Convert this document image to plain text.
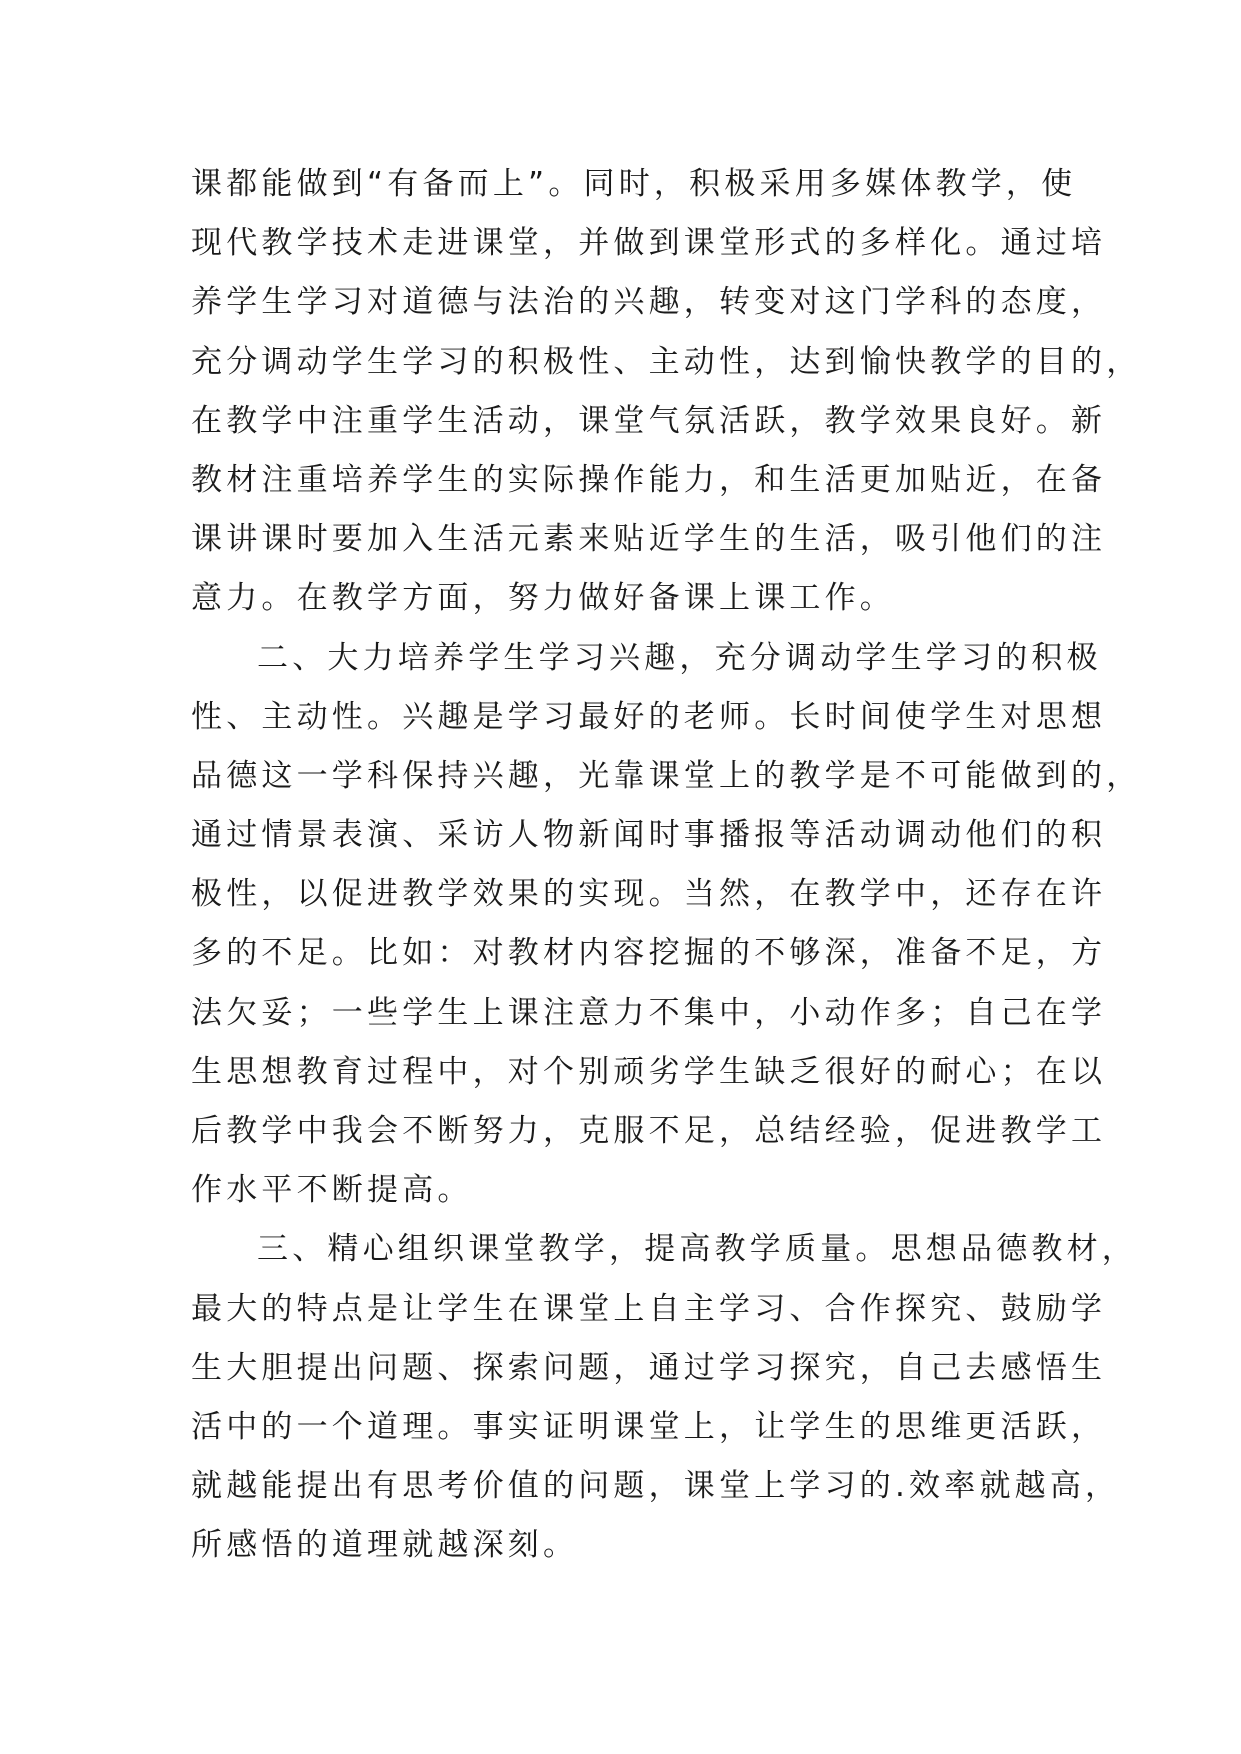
课都能做到“有备而上”。同时，积极采用多媒体教学，使
现代教学技术走进课堂，并做到课堂形式的多样化。通过培
养学生学习对道德与法治的兴趣，转变对这门学科的态度，
充分调动学生学习的积极性、主动性，达到愉快教学的目的，
在教学中注重学生活动，课堂气氛活跃，教学效果良好。新
教材注重培养学生的实际操作能力，和生活更加贴近，在备
课讲课时要加入生活元素来贴近学生的生活，吸引他们的注
意力。在教学方面，努力做好备课上课工作。
二、大力培养学生学习兴趣，充分调动学生学习的积极
性、主动性。兴趣是学习最好的老师。长时间使学生对思想
品德这一学科保持兴趣，光靠课堂上的教学是不可能做到的，
通过情景表演、采访人物新闻时事播报等活动调动他们的积
极性，以促进教学效果的实现。当然，在教学中，还存在许
多的不足。比如：对教材内容挖掘的不够深，准备不足，方
法欠妥；一些学生上课注意力不集中，小动作多；自己在学
生思想教育过程中，对个别顽劣学生缺乏很好的耐心；在以
后教学中我会不断努力，克服不足，总结经验，促进教学工
作水平不断提高。
三、精心组织课堂教学，提高教学质量。思想品德教材，
最大的特点是让学生在课堂上自主学习、合作探究、鼓励学
生大胆提出问题、探索问题，通过学习探究，自己去感悟生
活中的一个道理。事实证明课堂上，让学生的思维更活跃，
就越能提出有思考价值的问题，课堂上学习的.效率就越高，
所感悟的道理就越深刻。
